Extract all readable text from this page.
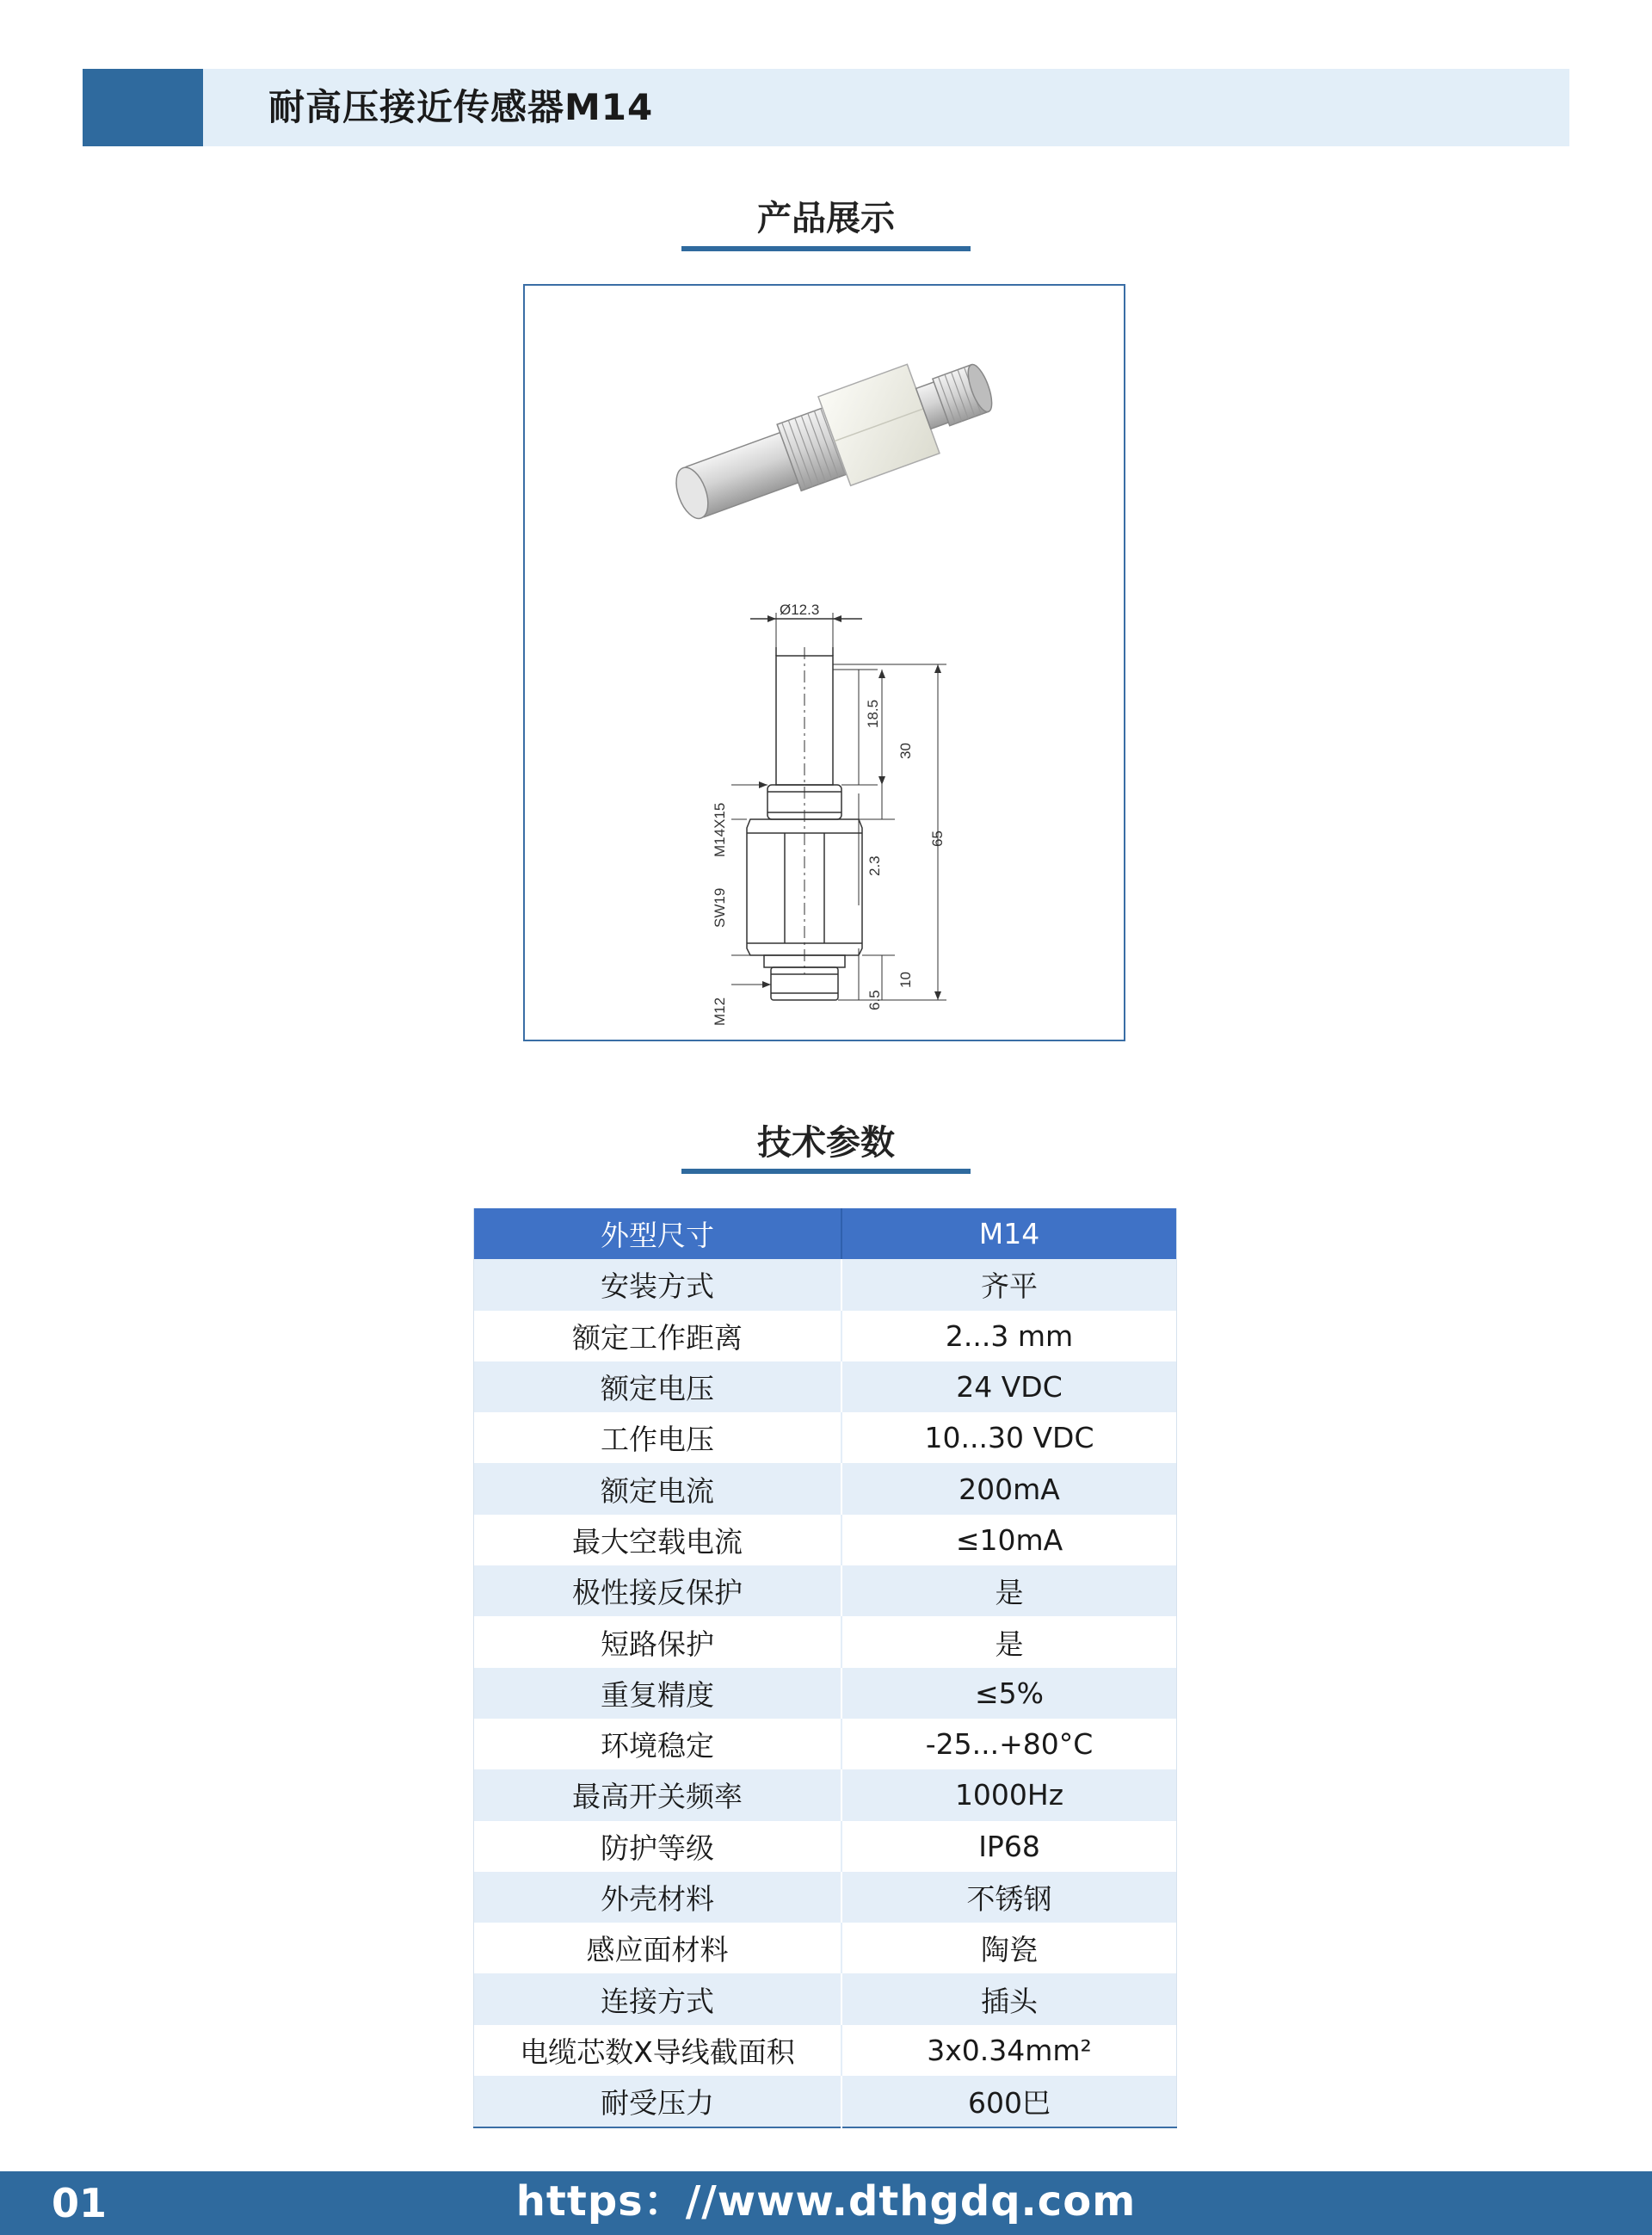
耐高压接近传感器M14
产品展示
Ø12.3
18.5
30
65
2.3
10
6.5
M14X15
SW19
M12
技术参数
外型尺寸	M14
安装方式	齐平
额定工作距离	2...3 mm
额定电压	24 VDC
工作电压	10...30 VDC
额定电流	200mA
最大空载电流	≤10mA
极性接反保护	是
短路保护	是
重复精度	≤5%
环境稳定	-25...+80°C
最高开关频率	1000Hz
防护等级	IP68
外壳材料	不锈钢
感应面材料	陶瓷
连接方式	插头
电缆芯数X导线截面积	3x0.34mm²
耐受压力	600巴
01	https：//www.dthgdq.com
